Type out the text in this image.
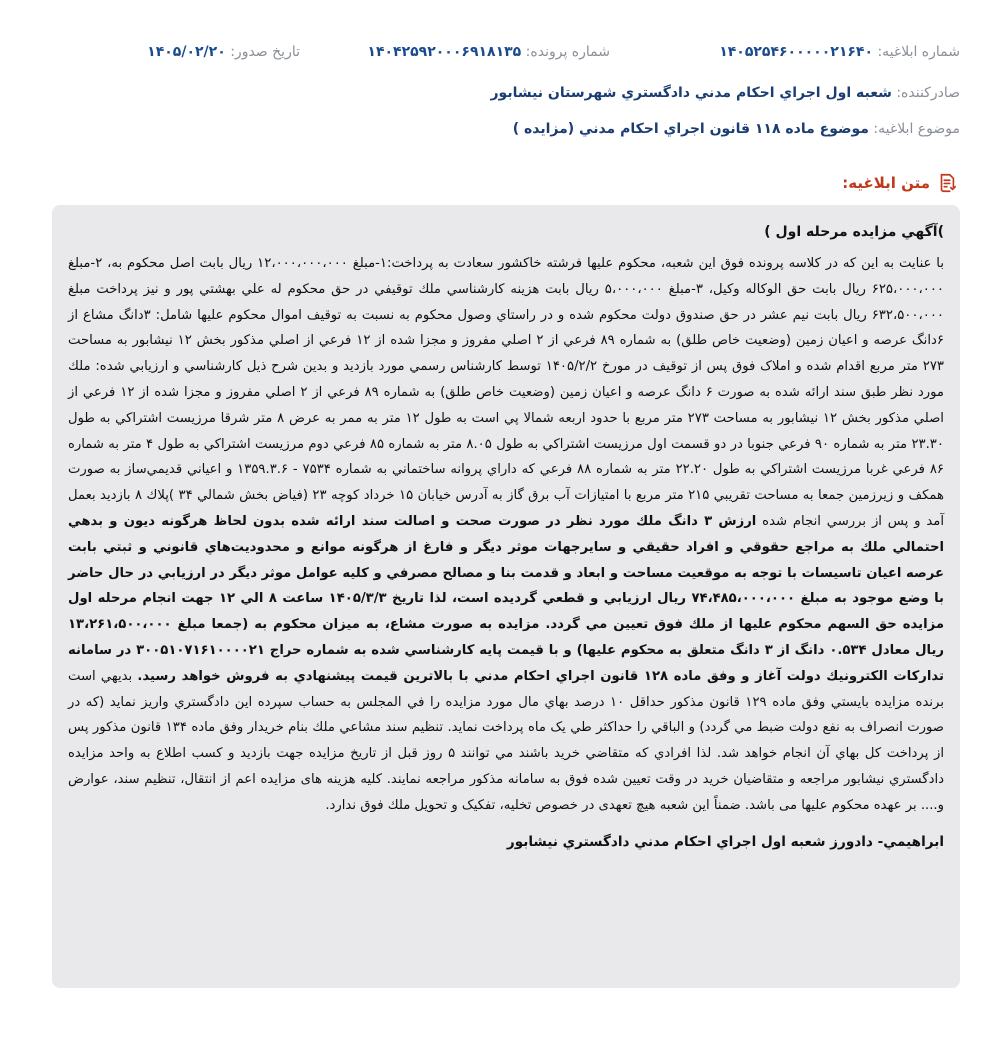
شماره ابلاغيه: ۱۴۰۵۲۵۴۶۰۰۰۰۰۲۱۶۴۰
شماره پرونده: ۱۴۰۴۲۵۹۲۰۰۰۶۹۱۸۱۳۵
تاريخ صدور: ۱۴۰۵/۰۲/۲۰
صادركننده: شعبه اول اجراي احكام مدني دادگستري شهرستان نيشابور
موضوع ابلاغيه: موضوع ماده ۱۱۸ قانون اجراي احكام مدني (مزايده )
متن ابلاغيه:
)آگهي مزايده مرحله اول )

با عنايت به اين كه در كلاسه پرونده فوق اين شعبه، محكوم عليها فرشته خاكشور سعادت به پرداخت:۱-مبلغ ۱۲،۰۰۰،۰۰۰،۰۰۰ ريال بابت اصل محكوم به، ۲-مبلغ ۶۲۵،۰۰۰،۰۰۰ ريال بابت حق الوكاله وكيل، ۳-مبلغ ۵،۰۰۰،۰۰۰ ريال بابت هزينه كارشناسي ملك توقيفي در حق محكوم له علي بهشتي پور و نيز پرداخت مبلغ ۶۳۲،۵۰۰،۰۰۰ ريال بابت نيم عشر در حق صندوق دولت محكوم شده و در راستاي وصول محكوم به نسبت به توقيف اموال محكوم عليها شامل: ۳دانگ مشاع از ۶دانگ عرصه و اعيان زمين (وضعيت خاص طلق) به شماره ۸۹ فرعي از ۲ اصلي مفروز و مجزا شده از ۱۲ فرعي از اصلي مذكور بخش ۱۲ نيشابور به مساحت ۲۷۳ متر مربع اقدام شده و املاک فوق پس از توقيف در مورخ ۱۴۰۵/۲/۲ توسط كارشناس رسمي مورد بازديد و بدين شرح ذيل كارشناسي و ارزيابي شده: ملك مورد نظر طبق سند ارائه شده به صورت ۶ دانگ عرصه و اعيان زمين (وضعيت خاص طلق) به شماره ۸۹ فرعي از ۲ اصلي مفروز و مجزا شده از ۱۲ فرعي از اصلي مذكور بخش ۱۲ نيشابور به مساحت ۲۷۳ متر مربع با حدود اربعه شمالا پي است به طول ۱۲ متر به ممر به عرض ۸ متر شرقا مرزيست اشتراكي به طول ۲۳.۳۰ متر به شماره ۹۰ فرعي جنوبا در دو قسمت اول مرزيست اشتراكي به طول ۸.۰۵ متر به شماره ۸۵ فرعي دوم مرزيست اشتراكي به طول ۴ متر به شماره ۸۶ فرعي غربا مرزيست اشتراكي به طول ۲۲.۲۰ متر به شماره ۸۸ فرعي كه داراي پروانه ساختماني به شماره ۷۵۳۴ - ۱۳۵۹.۳.۶ و اعياني قديمي‌ساز به صورت همكف و زيرزمين جمعا به مساحت تقريبي ۲۱۵ متر مربع با امتيازات آب برق گاز به آدرس خيابان ۱۵ خرداد كوچه ۲۳ (فياض بخش شمالي ۳۴ )پلاك ۸ بازديد بعمل آمد و پس از بررسي انجام شده ارزش ۳ دانگ ملك مورد نظر در صورت صحت و اصالت سند ارائه شده بدون لحاظ هرگونه ديون و بدهي احتمالي ملك به مراجع حقوقي و افراد حقيقي و سايرجهات موثر ديگر و فارغ از هرگونه موانع و محدوديت‌هاي قانوني و ثبتي بابت عرصه اعيان تاسيسات با توجه به موقعيت مساحت و ابعاد و قدمت بنا و مصالح مصرفي و كليه عوامل موثر ديگر در ارزيابي در حال حاضر با وضع موجود به مبلغ ۷۴،۴۸۵،۰۰۰،۰۰۰ ريال ارزيابي و قطعي گرديده است، لذا تاريخ ۱۴۰۵/۳/۳ ساعت ۸ الي ۱۲ جهت انجام مرحله اول مزايده حق السهم محكوم عليها از ملك فوق تعيين مي گردد. مزايده به صورت مشاع، به ميزان محكوم به (جمعا مبلغ ۱۳،۲۶۱،۵۰۰،۰۰۰ ريال معادل ۰.۵۳۴ دانگ از ۳ دانگ متعلق به محكوم عليها) و با قيمت پايه كارشناسي شده به شماره حراج ۳۰۰۵۱۰۷۱۶۱۰۰۰۰۲۱ در سامانه تداركات الكترونيك دولت آغاز و وفق ماده ۱۲۸ قانون اجراي احكام مدني با بالاترين قيمت پيشنهادي به فروش خواهد رسيد. بديهي است برنده مزايده بايستي وفق ماده ۱۲۹ قانون مذكور حداقل ۱۰ درصد بهاي مال مورد مزايده را في المجلس به حساب سپرده اين دادگستري واريز نمايد (كه در صورت انصراف به نفع دولت ضبط مي گردد) و الباقي را حداكثر طي يک ماه پرداخت نمايد. تنظيم سند مشاعي ملك بنام خريدار وفق ماده ۱۳۴ قانون مذكور پس از پرداخت كل بهاي آن انجام خواهد شد. لذا افرادي كه متقاضي خريد باشند مي توانند ۵ روز قبل از تاريخ مزايده جهت بازديد و كسب اطلاع به واحد مزايده دادگستري نيشابور مراجعه و متقاضيان خريد در وقت تعيين شده فوق به سامانه مذكور مراجعه نمايند. كليه هزينه هاى مزايده اعم از انتقال، تنظيم سند، عوارض و.... بر عهده محكوم عليها مى باشد. ضمناً اين شعبه هيچ تعهدى در خصوص تخليه، تفكيک و تحويل ملك فوق ندارد.

ابراهيمي- دادورز شعبه اول اجراي احكام مدني دادگستري نيشابور
